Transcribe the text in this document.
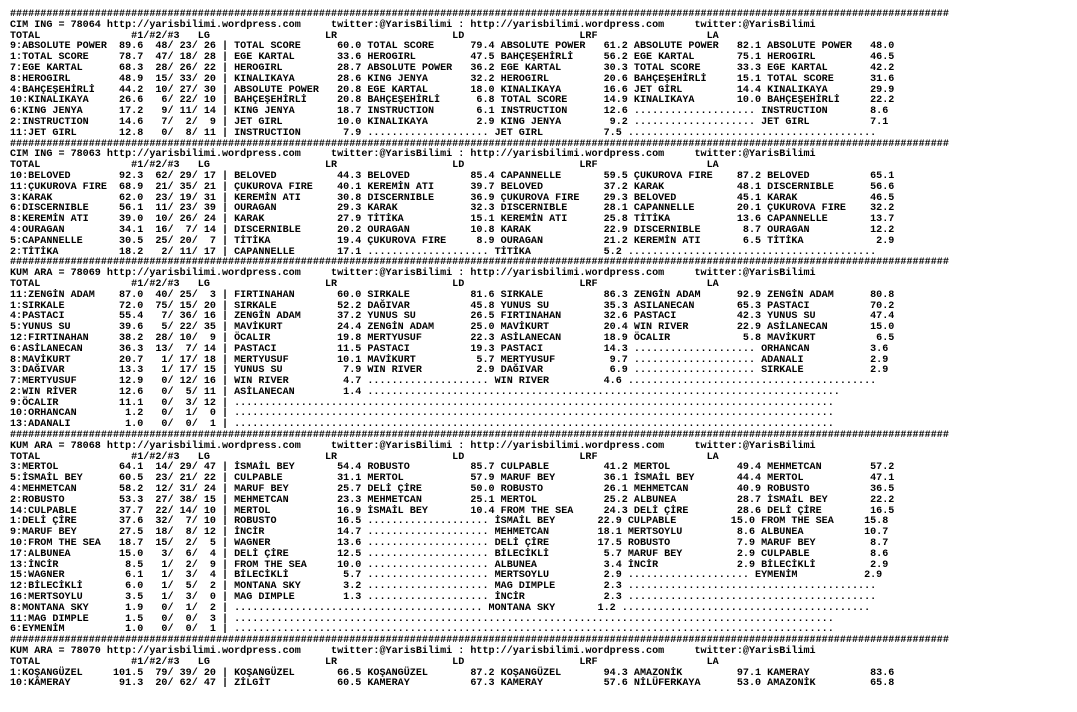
###########################################################################################################################################################
CIM ING = 78064 http://yarisbilimi.wordpress.com     twitter:@YarisBilimi : http://yarisbilimi.wordpress.com     twitter:@YarisBilimi
TOTAL               #1/#2/#3   LG                   LR                   LD                   LRF                  LA
9:ABSOLUTE POWER  89.6  48/ 23/ 26 | TOTAL SCORE      60.0 TOTAL SCORE      79.4 ABSOLUTE POWER   61.2 ABSOLUTE POWER   82.1 ABSOLUTE POWER   48.0
1:TOTAL SCORE     78.7  47/ 18/ 28 | EGE KARTAL       33.6 HEROGIRL         47.5 BAHÇEŞEHİRLİ     56.2 EGE KARTAL       75.1 HEROGIRL         46.5
7:EGE KARTAL      68.3  28/ 26/ 22 | HEROGIRL         28.7 ABSOLUTE POWER   36.2 EGE KARTAL       30.3 TOTAL SCORE      33.3 EGE KARTAL       42.2
8:HEROGIRL        48.9  15/ 33/ 20 | KINALIKAYA       28.6 KING JENYA       32.2 HEROGIRL         20.6 BAHÇEŞEHİRLİ     15.1 TOTAL SCORE      31.6
4:BAHÇEŞEHİRLİ    44.2  10/ 27/ 30 | ABSOLUTE POWER   20.8 EGE KARTAL       18.0 KINALIKAYA       16.6 JET GİRL         14.4 KINALIKAYA       29.9
10:KINALIKAYA     26.6   6/ 22/ 10 | BAHÇEŞEHİRLİ     20.8 BAHÇEŞEHİRLİ      6.8 TOTAL SCORE      14.9 KINALIKAYA       10.0 BAHÇEŞEHİRLİ     22.2
6:KING JENYA      17.2   9/ 11/ 14 | KING JENYA       18.7 INSTRUCTION       6.1 INSTRUCTION      12.6 .................... INSTRUCTION       8.6
2:INSTRUCTION     14.6   7/  2/  9 | JET GIRL         10.0 KINALIKAYA        2.9 KING JENYA        9.2 .................... JET GIRL          7.1
11:JET GIRL       12.8   0/  8/ 11 | INSTRUCTION       7.9 .................... JET GIRL          7.5 .........................................
###########################################################################################################################################################
CIM ING = 78063 http://yarisbilimi.wordpress.com     twitter:@YarisBilimi : http://yarisbilimi.wordpress.com     twitter:@YarisBilimi
TOTAL               #1/#2/#3   LG                   LR                   LD                   LRF                  LA
10:BELOVED        92.3  62/ 29/ 17 | BELOVED          44.3 BELOVED          85.4 CAPANNELLE       59.5 ÇUKUROVA FIRE    87.2 BELOVED          65.1
11:ÇUKUROVA FIRE  68.9  21/ 35/ 21 | ÇUKUROVA FIRE    40.1 KEREMİN ATI      39.7 BELOVED          37.2 KARAK            48.1 DISCERNIBLE      56.6
3:KARAK           62.0  23/ 19/ 31 | KEREMİN ATI      30.8 DISCERNIBLE      36.9 ÇUKUROVA FIRE    29.3 BELOVED          45.1 KARAK            46.5
6:DISCERNIBLE     56.1  11/ 23/ 39 | OURAGAN          29.3 KARAK            32.3 DISCERNIBLE      28.1 CAPANNELLE       20.1 ÇUKUROVA FIRE    32.2
8:KEREMİN ATI     39.0  10/ 26/ 24 | KARAK            27.9 TİTİKA           15.1 KEREMİN ATI      25.8 TİTİKA           13.6 CAPANNELLE       13.7
4:OURAGAN         34.1  16/  7/ 14 | DISCERNIBLE      20.2 OURAGAN          10.8 KARAK            22.9 DISCERNIBLE       8.7 OURAGAN          12.2
5:CAPANNELLE      30.5  25/ 20/  7 | TİTİKA           19.4 ÇUKUROVA FIRE     8.9 OURAGAN          21.2 KEREMİN ATI       6.5 TİTİKA            2.9
2:TİTİKA          18.2   2/ 11/ 17 | CAPANNELLE       17.1 .................... TİTİKA            5.2 .........................................
###########################################################################################################################################################
KUM ARA = 78069 http://yarisbilimi.wordpress.com     twitter:@YarisBilimi : http://yarisbilimi.wordpress.com     twitter:@YarisBilimi
TOTAL               #1/#2/#3   LG                   LR                   LD                   LRF                  LA
11:ZENGİN ADAM    87.0  40/ 25/  3 | FIRTINAHAN       60.0 SIRKALE          81.6 SIRKALE          86.3 ZENGİN ADAM      92.9 ZENGİN ADAM      80.8
1:SIRKALE         72.0  75/ 15/ 20 | SIRKALE          52.2 DAĞIVAR          45.8 YUNUS SU         35.3 ASILANECAN       65.3 PASTACI          70.2
4:PASTACI         55.4   7/ 36/ 16 | ZENGİN ADAM      37.2 YUNUS SU         26.5 FIRTINAHAN       32.6 PASTACI          42.3 YUNUS SU         47.4
5:YUNUS SU        39.6   5/ 22/ 35 | MAVİKURT         24.4 ZENGİN ADAM      25.0 MAVİKURT         20.4 WIN RIVER        22.9 ASİLANECAN       15.0
12:FIRTINAHAN     38.2  28/ 10/  9 | ÖCALIR           19.8 MERTYUSUF        22.3 ASİLANECAN       18.9 ÖCALIR            5.8 MAVİKURT          6.5
6:ASİLANECAN      36.3  13/  7/ 14 | PASTACI          11.5 PASTACI          19.3 PASTACI          14.3 .................... ORHANCAN          3.6
8:MAVİKURT        20.7   1/ 17/ 18 | MERTYUSUF        10.1 MAVİKURT          5.7 MERTYUSUF         9.7 .................... ADANALI           2.9
3:DAĞIVAR         13.3   1/ 17/ 15 | YUNUS SU          7.9 WIN RIVER         2.9 DAĞIVAR           6.9 .................... SIRKALE           2.9
7:MERTYUSUF       12.9   0/ 12/ 16 | WIN RIVER         4.7 .................... WIN RIVER         4.6 .........................................
2:WIN RİVER       12.6   0/  5/ 11 | ASİLANECAN        1.4 ..............................................................................
9:ÖCALIR          11.1   0/  3/ 12 | ...................................................................................................
10:ORHANCAN        1.2   0/  1/  0 | ...................................................................................................
13:ADANALI         1.0   0/  0/  1 | ...................................................................................................
###########################################################################################################################################################
KUM ARA = 78068 http://yarisbilimi.wordpress.com     twitter:@YarisBilimi : http://yarisbilimi.wordpress.com     twitter:@YarisBilimi
TOTAL               #1/#2/#3   LG                   LR                   LD                   LRF                  LA
3:MERTOL          64.1  14/ 29/ 47 | İSMAİL BEY       54.4 ROBUSTO          85.7 CULPABLE         41.2 MERTOL           49.4 MEHMETCAN        57.2
5:İSMAİL BEY      60.5  23/ 21/ 22 | CULPABLE         31.1 MERTOL           57.9 MARUF BEY        36.1 İSMAİL BEY       44.4 MERTOL           47.1
4:MEHMETCAN       58.2  12/ 31/ 24 | MARUF BEY        25.7 DELİ ÇİRE        50.0 ROBUSTO          26.1 MEHMETCAN        40.9 ROBUSTO          36.5
2:ROBUSTO         53.3  27/ 38/ 15 | MEHMETCAN        23.3 MEHMETCAN        25.1 MERTOL           25.2 ALBUNEA          28.7 İSMAİL BEY       22.2
14:CULPABLE       37.7  22/ 14/ 10 | MERTOL           16.9 İSMAİL BEY       10.4 FROM THE SEA     24.3 DELİ ÇİRE        28.6 DELİ ÇİRE        16.5
1:DELİ ÇİRE       37.6  32/  7/ 10 | ROBUSTO          16.5 .................... İSMAİL BEY       22.9 CULPABLE         15.0 FROM THE SEA     15.8
9:MARUF BEY       27.5  18/  8/ 12 | İNCİR            14.7 .................... MEHMETCAN        18.1 MERTSOYLU         8.6 ALBUNEA          10.7
10:FROM THE SEA   18.7  15/  2/  5 | WAGNER           13.6 .................... DELİ ÇİRE        17.5 ROBUSTO           7.9 MARUF BEY         8.7
17:ALBUNEA        15.0   3/  6/  4 | DELİ ÇİRE        12.5 .................... BİLECİKLİ         5.7 MARUF BEY         2.9 CULPABLE          8.6
13:İNCİR           8.5   1/  2/  9 | FROM THE SEA     10.0 .................... ALBUNEA           3.4 İNCİR             2.9 BİLECİKLİ         2.9
15:WAGNER          6.1   1/  3/  4 | BİLECİKLİ         5.7 .................... MERTSOYLU         2.9 .................... EYMENİM           2.9
12:BİLECİKLİ       6.0   1/  5/  2 | MONTANA SKY       3.2 .................... MAG DIMPLE        2.3 .........................................
16:MERTSOYLU       3.5   1/  3/  0 | MAG DIMPLE        1.3 .................... İNCİR             2.3 .........................................
8:MONTANA SKY      1.9   0/  1/  2 | ......................................... MONTANA SKY       1.2 .........................................
11:MAG DIMPLE      1.5   0/  0/  3 | ...................................................................................................
6:EYMENİM          1.0   0/  0/  1 | ...................................................................................................
###########################################################################################################################################################
KUM ARA = 78070 http://yarisbilimi.wordpress.com     twitter:@YarisBilimi : http://yarisbilimi.wordpress.com     twitter:@YarisBilimi
TOTAL               #1/#2/#3   LG                   LR                   LD                   LRF                  LA
1:KOŞANGÜZEL     101.5  79/ 39/ 20 | KOŞANGÜZEL       66.5 KOŞANGÜZEL       87.2 KOŞANGÜZEL       94.3 AMAZONİK         97.1 KAMERAY          83.6
10:KÂMERAY        91.3  20/ 62/ 47 | ZİLGİT           60.5 KAMERAY          67.3 KAMERAY          57.6 NİLÜFERKAYA      53.0 AMAZONİK         65.8
